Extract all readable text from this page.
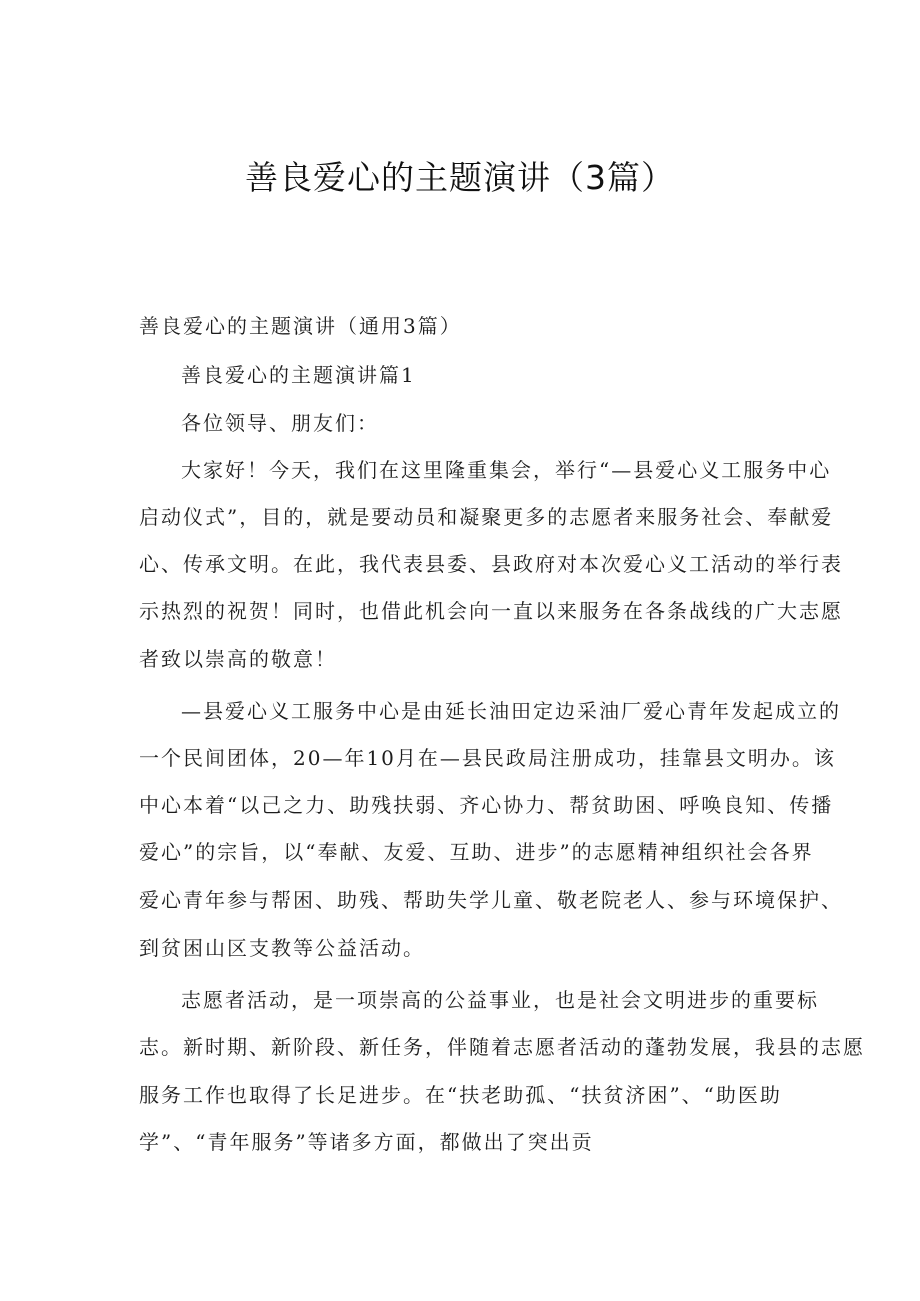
善良爱心的主题演讲（3篇）
善良爱心的主题演讲（通用3篇）
善良爱心的主题演讲篇1
各位领导、朋友们：
大家好！今天，我们在这里隆重集会，举行“—县爱心义工服务中心
启动仪式”，目的，就是要动员和凝聚更多的志愿者来服务社会、奉献爱
心、传承文明。在此，我代表县委、县政府对本次爱心义工活动的举行表
示热烈的祝贺！同时，也借此机会向一直以来服务在各条战线的广大志愿
者致以崇高的敬意！
—县爱心义工服务中心是由延长油田定边采油厂爱心青年发起成立的
一个民间团体，20—年10月在—县民政局注册成功，挂靠县文明办。该
中心本着“以己之力、助残扶弱、齐心协力、帮贫助困、呼唤良知、传播
爱心”的宗旨，以“奉献、友爱、互助、进步”的志愿精神组织社会各界
爱心青年参与帮困、助残、帮助失学儿童、敬老院老人、参与环境保护、
到贫困山区支教等公益活动。
志愿者活动，是一项崇高的公益事业，也是社会文明进步的重要标
志。新时期、新阶段、新任务，伴随着志愿者活动的蓬勃发展，我县的志愿
服务工作也取得了长足进步。在“扶老助孤、“扶贫济困”、“助医助
学”、“青年服务”等诸多方面，都做出了突出贡
